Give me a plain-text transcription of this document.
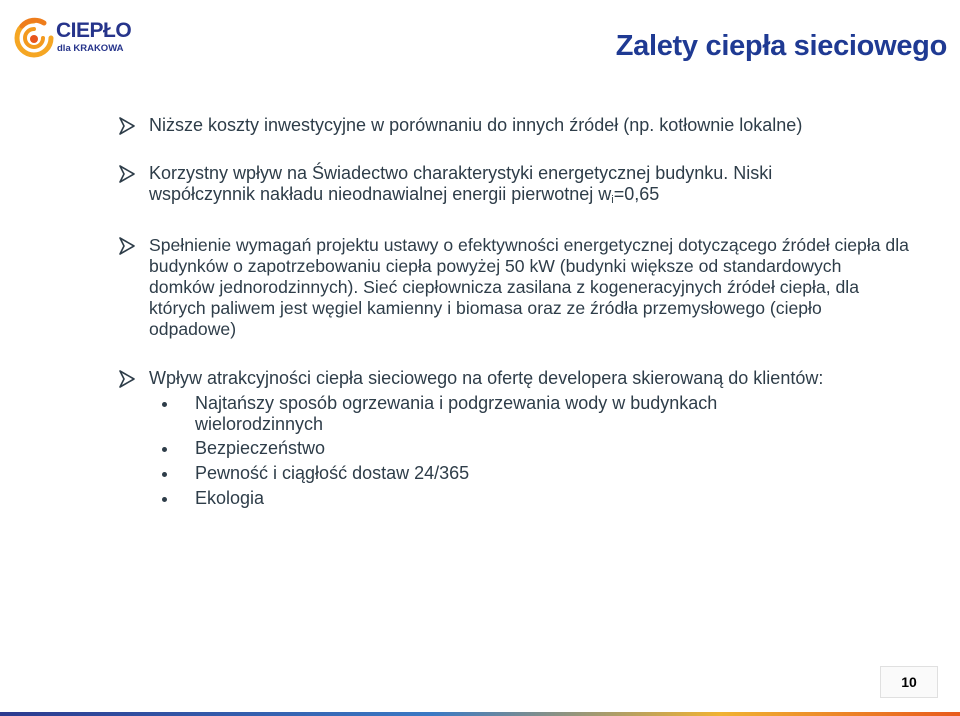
CIEPŁO
dla KRAKOWA	Zalety ciepła sieciowego
Niższe koszty inwestycyjne w porównaniu do innych źródeł (np. kotłownie lokalne)
Korzystny wpływ na Świadectwo charakterystyki energetycznej budynku. Niski
współczynnik nakładu nieodnawialnej energii pierwotnej $w_i=0,65$
Spełnienie wymagań projektu ustawy o efektywności energetycznej dotyczącego źródeł ciepła dla budynków o zapotrzebowaniu ciepła powyżej 50 kW (budynki większe od standardowych domków jednorodzinnych). Sieć ciepłownicza zasilana z kogeneracyjnych źródeł ciepła, dla których paliwem jest węgiel kamienny i biomasa oraz ze źródła przemysłowego (ciepło odpadowe)
Wpływ atrakcyjności ciepła sieciowego na ofertę developera skierowaną do klientów:
Najtańszy sposób ogrzewania i podgrzewania wody w budynkach wielorodzinnych
Bezpieczeństwo
Pewność i ciągłość dostaw 24/365
Ekologia
10
